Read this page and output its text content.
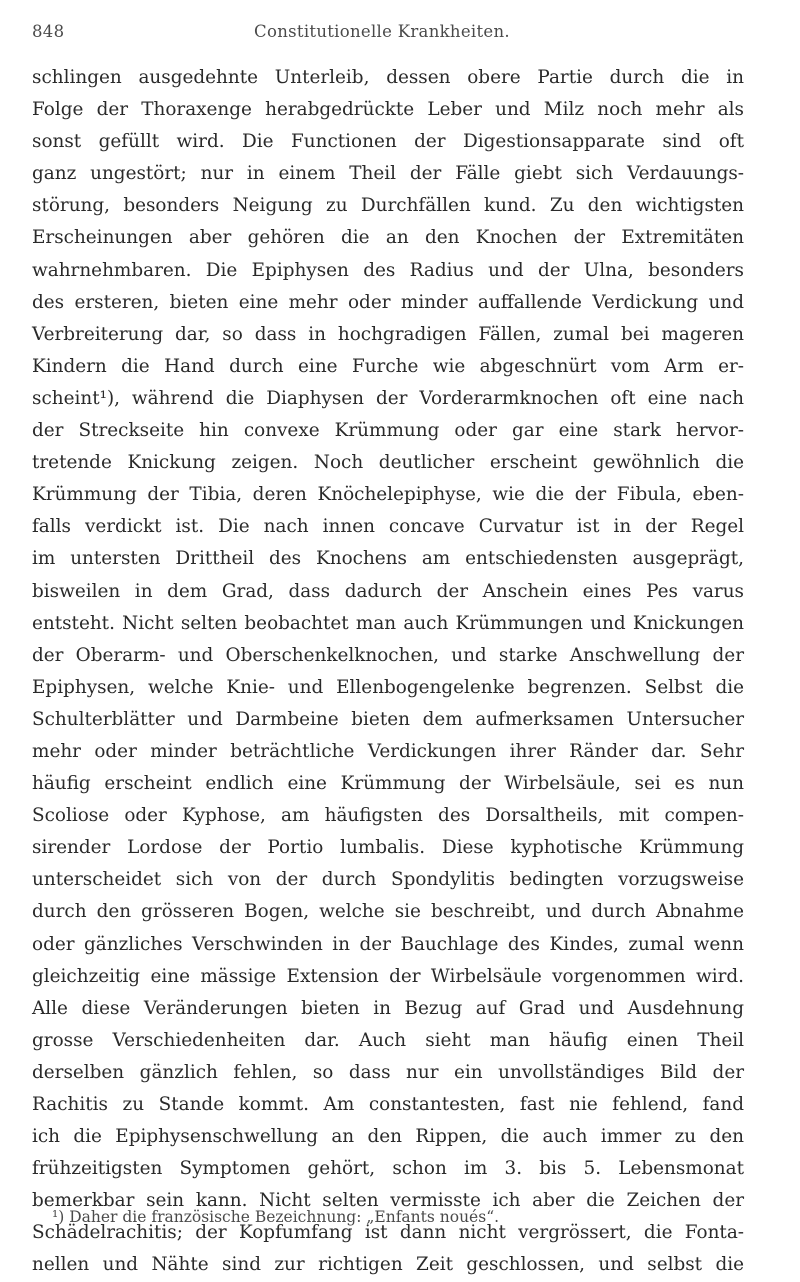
848	Constitutionelle Krankheiten.
schlingen ausgedehnte Unterleib, dessen obere Partie durch die in
Folge der Thoraxenge herabgedrückte Leber und Milz noch mehr als
sonst gefüllt wird. Die Functionen der Digestionsapparate sind oft
ganz ungestört; nur in einem Theil der Fälle giebt sich Verdauungs-
störung, besonders Neigung zu Durchfällen kund. Zu den wichtigsten
Erscheinungen aber gehören die an den Knochen der Extremitäten
wahrnehmbaren. Die Epiphysen des Radius und der Ulna, besonders
des ersteren, bieten eine mehr oder minder auffallende Verdickung und
Verbreiterung dar, so dass in hochgradigen Fällen, zumal bei mageren
Kindern die Hand durch eine Furche wie abgeschnürt vom Arm er-
scheint¹), während die Diaphysen der Vorderarmknochen oft eine nach
der Streckseite hin convexe Krümmung oder gar eine stark hervor-
tretende Knickung zeigen. Noch deutlicher erscheint gewöhnlich die
Krümmung der Tibia, deren Knöchelepiphyse, wie die der Fibula, eben-
falls verdickt ist. Die nach innen concave Curvatur ist in der Regel
im untersten Drittheil des Knochens am entschiedensten ausgeprägt,
bisweilen in dem Grad, dass dadurch der Anschein eines Pes varus
entsteht. Nicht selten beobachtet man auch Krümmungen und Knickungen
der Oberarm- und Oberschenkelknochen, und starke Anschwellung der
Epiphysen, welche Knie- und Ellenbogengelenke begrenzen. Selbst die
Schulterblätter und Darmbeine bieten dem aufmerksamen Untersucher
mehr oder minder beträchtliche Verdickungen ihrer Ränder dar. Sehr
häufig erscheint endlich eine Krümmung der Wirbelsäule, sei es nun
Scoliose oder Kyphose, am häufigsten des Dorsaltheils, mit compen-
sirender Lordose der Portio lumbalis. Diese kyphotische Krümmung
unterscheidet sich von der durch Spondylitis bedingten vorzugsweise
durch den grösseren Bogen, welche sie beschreibt, und durch Abnahme
oder gänzliches Verschwinden in der Bauchlage des Kindes, zumal wenn
gleichzeitig eine mässige Extension der Wirbelsäule vorgenommen wird.
Alle diese Veränderungen bieten in Bezug auf Grad und Ausdehnung
grosse Verschiedenheiten dar. Auch sieht man häufig einen Theil
derselben gänzlich fehlen, so dass nur ein unvollständiges Bild der
Rachitis zu Stande kommt. Am constantesten, fast nie fehlend, fand
ich die Epiphysenschwellung an den Rippen, die auch immer zu den
frühzeitigsten Symptomen gehört, schon im 3. bis 5. Lebensmonat
bemerkbar sein kann. Nicht selten vermisste ich aber die Zeichen der
Schädelrachitis; der Kopfumfang ist dann nicht vergrössert, die Fonta-
nellen und Nähte sind zur richtigen Zeit geschlossen, und selbst die
¹) Daher die französische Bezeichnung: „Enfants noués“.
